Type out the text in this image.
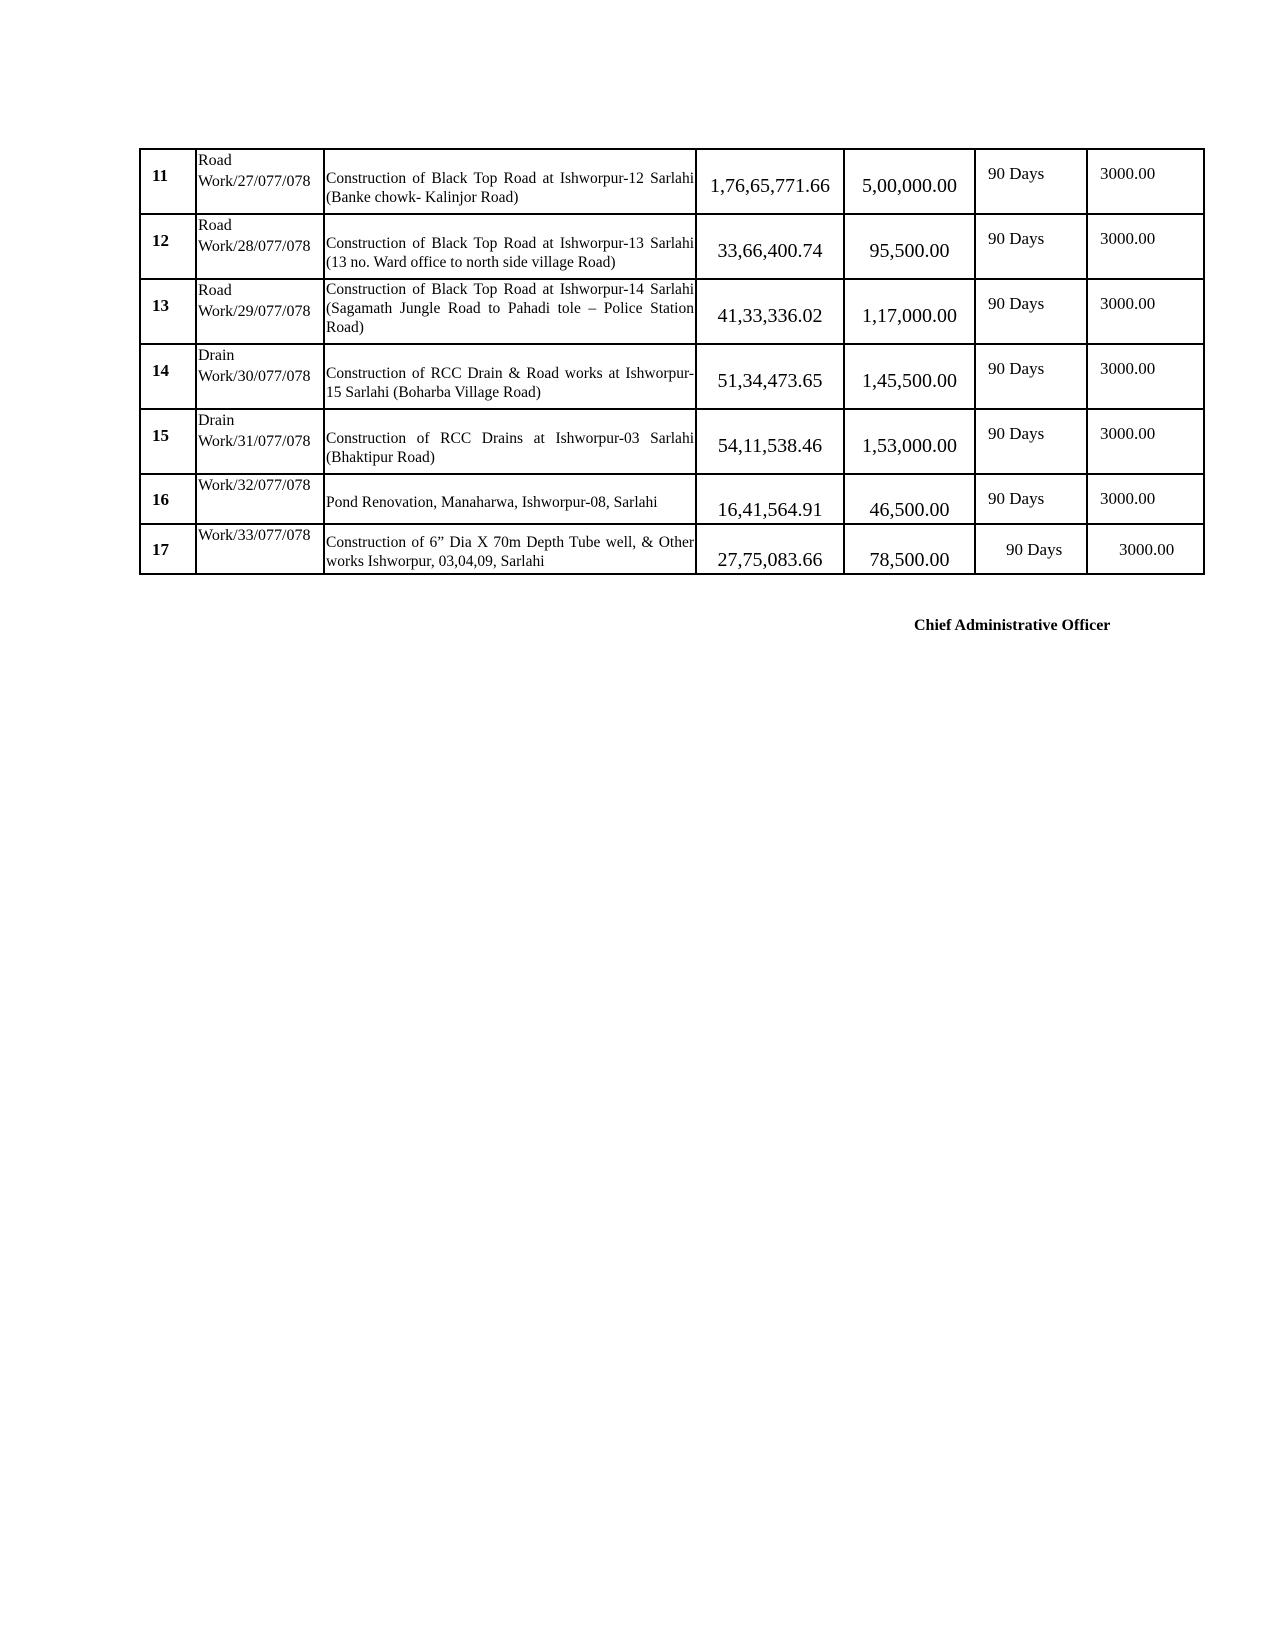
11	Road Work/27/077/078	Construction of Black Top Road at Ishworpur-12 Sarlahi (Banke chowk- Kalinjor Road)	1,76,65,771.66	5,00,000.00	90 Days	3000.00

12	Road Work/28/077/078	Construction of Black Top Road at Ishworpur-13 Sarlahi (13 no. Ward office to north side village Road)	33,66,400.74	95,500.00	90 Days	3000.00

13	Road Work/29/077/078	Construction of Black Top Road at Ishworpur-14 Sarlahi (Sagamath Jungle Road to Pahadi tole – Police Station Road)	41,33,336.02	1,17,000.00	90 Days	3000.00

14	Drain Work/30/077/078	Construction of RCC Drain & Road works at Ishworpur-15 Sarlahi (Boharba Village Road)	51,34,473.65	1,45,500.00	90 Days	3000.00

15	Drain Work/31/077/078	Construction of RCC Drains at Ishworpur-03 Sarlahi (Bhaktipur Road)	54,11,538.46	1,53,000.00	90 Days	3000.00

16	Work/32/077/078	Pond Renovation, Manaharwa, Ishworpur-08, Sarlahi	16,41,564.91	46,500.00	90 Days	3000.00

17	Work/33/077/078	Construction of 6” Dia X 70m Depth Tube well, & Other works Ishworpur, 03,04,09, Sarlahi	27,75,083.66	78,500.00	90 Days	3000.00
Chief Administrative Officer
